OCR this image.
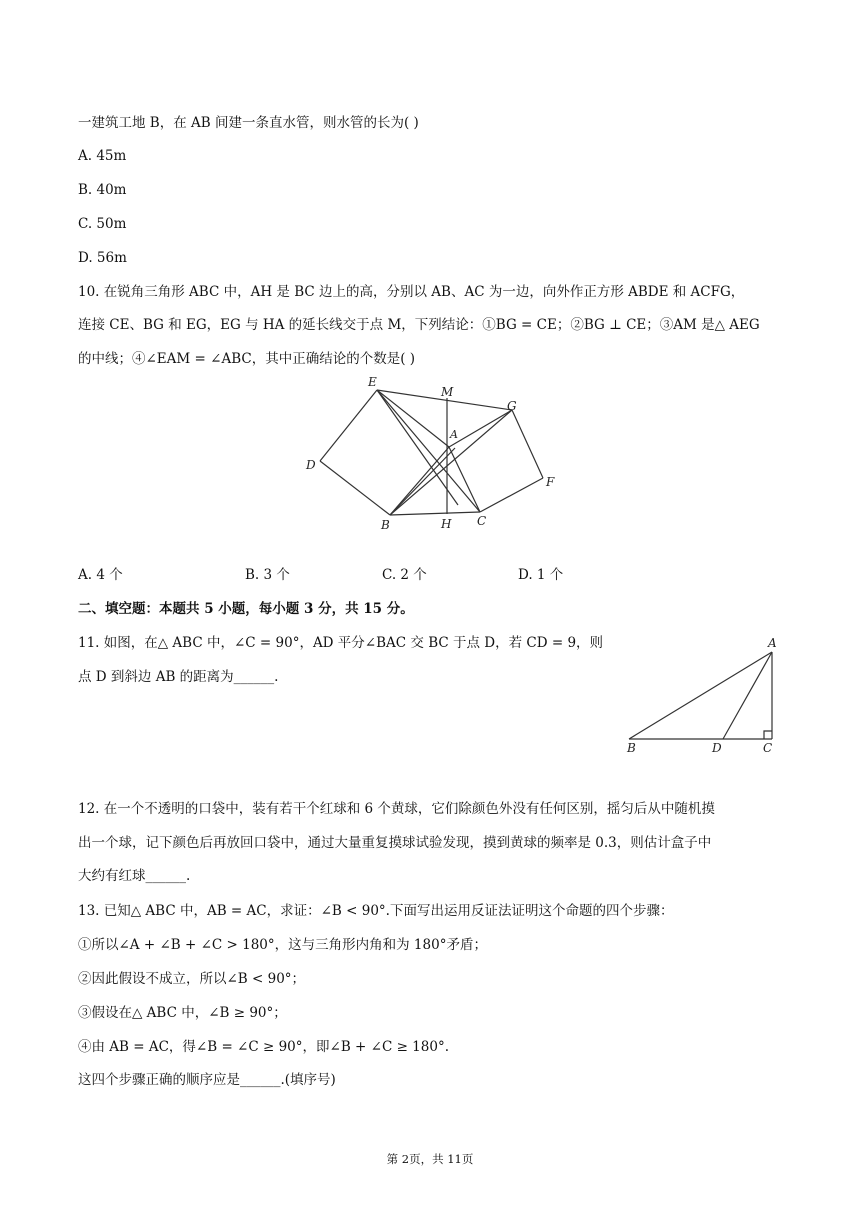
一建筑工地 B，在 AB 间建一条直水管，则水管的长为( )
A. 45m
B. 40m
C. 50m
D. 56m
10. 在锐角三角形 ABC 中，AH 是 BC 边上的高，分别以 AB、AC 为一边，向外作正方形 ABDE 和 ACFG，
连接 CE、BG 和 EG，EG 与 HA 的延长线交于点 M，下列结论：①BG = CE；②BG ⊥ CE；③AM 是△ AEG
的中线；④∠EAM = ∠ABC，其中正确结论的个数是( )
E
M
G
A
D
F
B	H C
A. 4 个	B. 3 个	C. 2 个	D. 1 个
二、填空题：本题共 5 小题，每小题 3 分，共 15 分。
11. 如图，在△ ABC 中，∠C = 90°，AD 平分∠BAC 交 BC 于点 D，若 CD = 9，则
点 D 到斜边 AB 的距离为______.
A
B	D	C
12. 在一个不透明的口袋中，装有若干个红球和 6 个黄球，它们除颜色外没有任何区别，摇匀后从中随机摸
出一个球，记下颜色后再放回口袋中，通过大量重复摸球试验发现，摸到黄球的频率是 0.3，则估计盒子中
大约有红球______.
13. 已知△ ABC 中，AB = AC，求证：∠B < 90°.下面写出运用反证法证明这个命题的四个步骤：
①所以∠A + ∠B + ∠C > 180°，这与三角形内角和为 180°矛盾；
②因此假设不成立，所以∠B < 90°；
③假设在△ ABC 中，∠B ≥ 90°；
④由 AB = AC，得∠B = ∠C ≥ 90°，即∠B + ∠C ≥ 180°.
这四个步骤正确的顺序应是______.(填序号)
第 2页，共 11页
